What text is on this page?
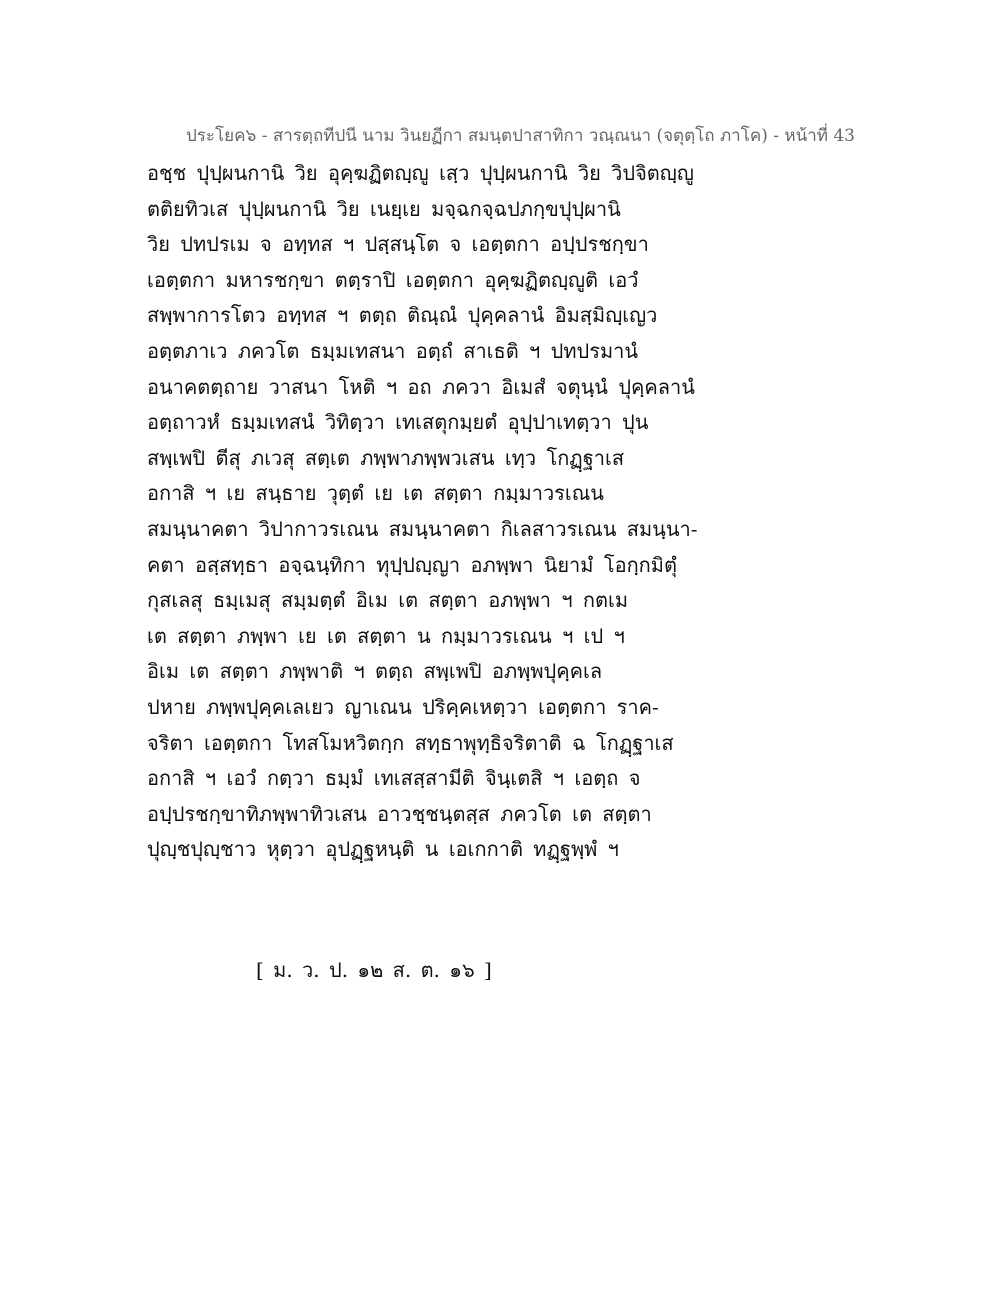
ประโยค๖ - สารตฺถทีปนี นาม วินยฏีกา สมนฺตปาสาทิกา วณฺณนา (จตุตฺโถ ภาโค) - หน้าที่ 43
อชฺช ปุปฺผนกานิ วิย อุคฺฆฏิตญฺญู เสฺว ปุปฺผนกานิ วิย วิปจิตญฺญู
ตติยทิวเส ปุปฺผนกานิ วิย เนยฺเย มจฺฉกจฺฉปภกฺขปุปฺผานิ
วิย ปทปรเม จ อทฺทส ฯ ปสฺสนฺโต จ เอตฺตกา อปฺปรชกฺขา
เอตฺตกา มหารชกฺขา ตตฺราปิ เอตฺตกา อุคฺฆฏิตญฺญูติ เอวํ
สพฺพาการโตว อทฺทส ฯ ตตฺถ ติณฺณํ ปุคฺคลานํ อิมสฺมิญฺเญว
อตฺตภาเว ภควโต ธมฺมเทสนา อตฺถํ สาเธติ ฯ ปทปรมานํ
อนาคตตฺถาย วาสนา โหติ ฯ อถ ภควา อิเมสํ จตุนฺนํ ปุคฺคลานํ
อตฺถาวหํ ธมฺมเทสนํ วิทิตฺวา เทเสตุกมฺยตํ อุปฺปาเทตฺวา ปุน
สพฺเพปิ ตีสุ ภเวสุ สตฺเต ภพฺพาภพฺพวเสน เทฺว โกฏฺฐาเส
อกาสิ ฯ เย สนฺธาย วุตฺตํ เย เต สตฺตา กมฺมาวรเณน
สมนฺนาคตา วิปากาวรเณน สมนฺนาคตา กิเลสาวรเณน สมนฺนา-
คตา อสฺสทฺธา อจฺฉนฺทิกา ทุปฺปญฺญา อภพฺพา นิยามํ โอกฺกมิตุํ
กุสเลสุ ธมฺเมสุ สมฺมตฺตํ อิเม เต สตฺตา อภพฺพา ฯ กตเม
เต สตฺตา ภพฺพา เย เต สตฺตา น กมฺมาวรเณน ฯ เป ฯ
อิเม เต สตฺตา ภพฺพาติ ฯ ตตฺถ สพฺเพปิ อภพฺพปุคฺคเล
ปหาย ภพฺพปุคฺคเลเยว ญาเณน ปริคฺคเหตฺวา เอตฺตกา ราค-
จริตา เอตฺตกา โทสโมหวิตกฺก สทฺธาพุทฺธิจริตาติ ฉ โกฏฺฐาเส
อกาสิ ฯ เอวํ กตฺวา ธมฺมํ เทเสสฺสามีติ จินฺเตสิ ฯ เอตฺถ จ
อปฺปรชกฺขาทิภพฺพาทิวเสน อาวชฺชนฺตสฺส ภควโต เต สตฺตา
ปุญฺชปุญฺชาว หุตฺวา อุปฏฺฐหนฺติ น เอเกกาติ ทฏฺฐพฺพํ ฯ
[ ม. ว. ป. ๑๒ ส. ต. ๑๖ ]
